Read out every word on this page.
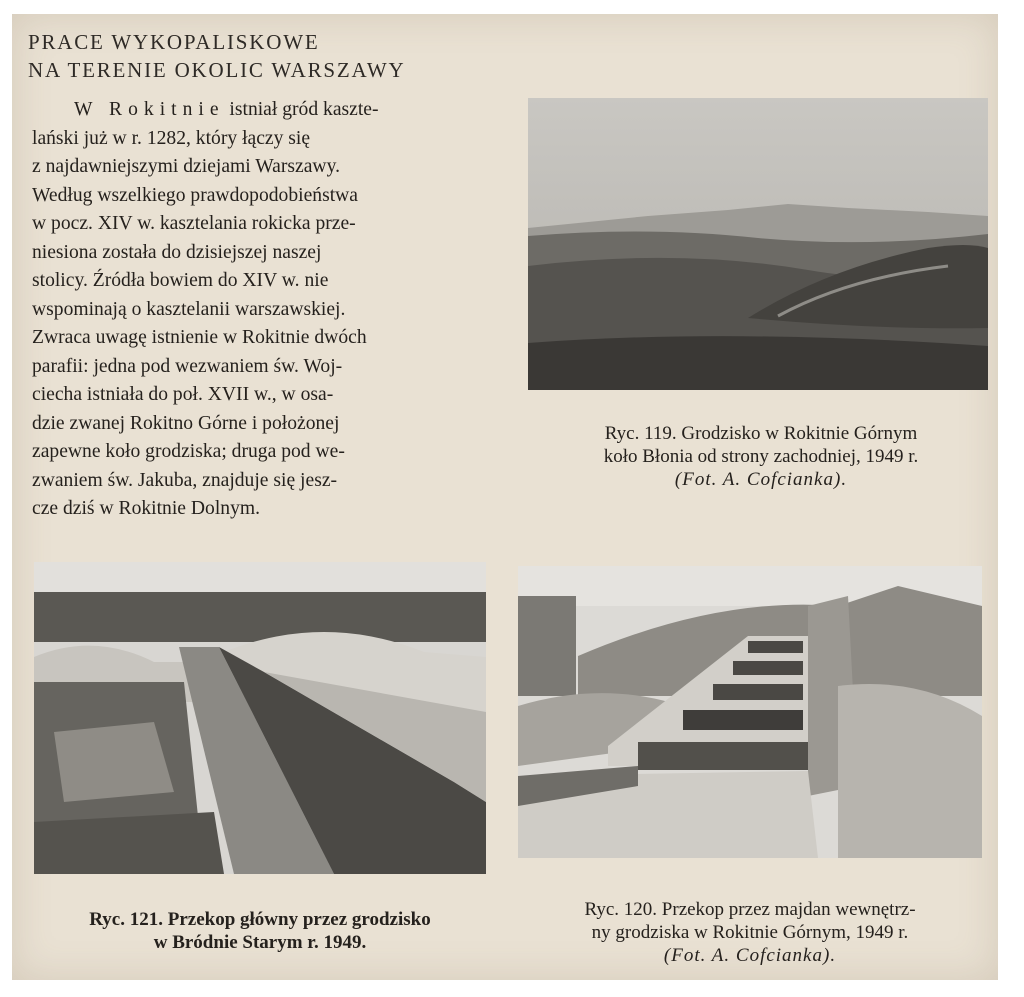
PRACE WYKOPALISKOWE
NA TERENIE OKOLIC WARSZAWY
W Rokitnie istniał gród kaszte-
lański już w r. 1282, który łączy się
z najdawniejszymi dziejami Warszawy.
Według wszelkiego prawdopodobieństwa
w pocz. XIV w. kasztelania rokicka prze-
niesiona została do dzisiejszej naszej
stolicy. Źródła bowiem do XIV w. nie
wspominają o kasztelanii warszawskiej.
Zwraca uwagę istnienie w Rokitnie dwóch
parafii: jedna pod wezwaniem św. Woj-
ciecha istniała do poł. XVII w., w osa-
dzie zwanej Rokitno Górne i położonej
zapewne koło grodziska; druga pod we-
zwaniem św. Jakuba, znajduje się jesz-
cze dziś w Rokitnie Dolnym.
Ryc. 119. Grodzisko w Rokitnie Górnym
koło Błonia od strony zachodniej, 1949 r.
(Fot. A. Cofcianka).
Ryc. 121. Przekop główny przez grodzisko
w Bródnie Starym r. 1949.
Ryc. 120. Przekop przez majdan wewnętrz-
ny grodziska w Rokitnie Górnym, 1949 r.
(Fot. A. Cofcianka).
